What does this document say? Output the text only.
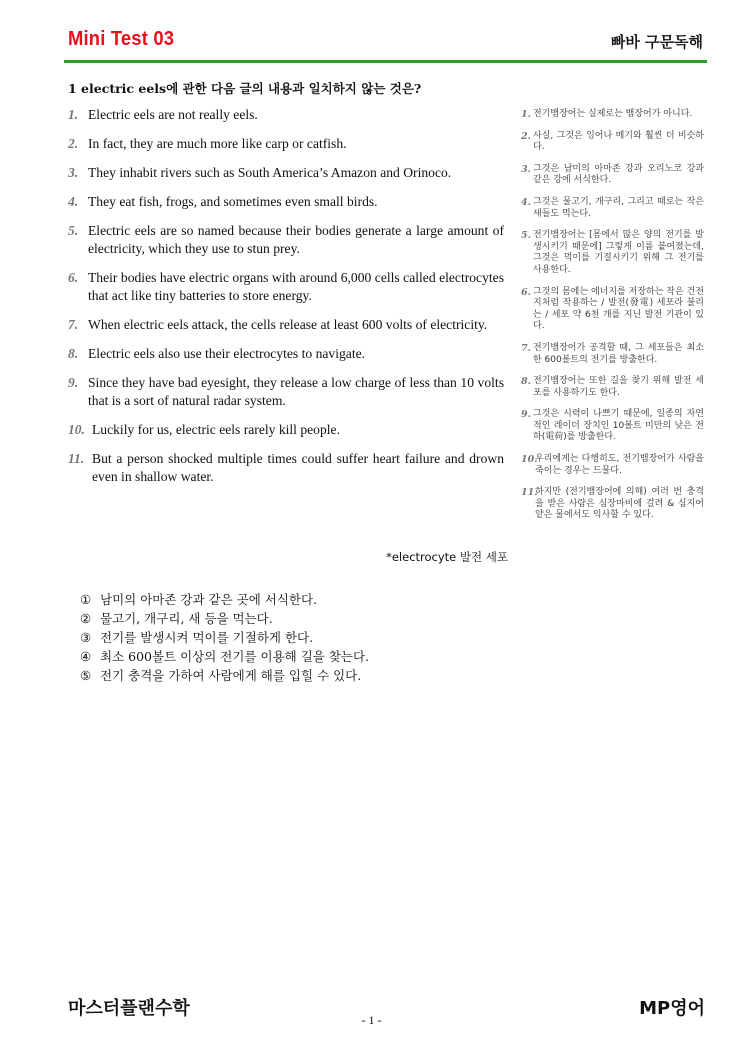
Mini Test 03	빠바 구문독해
1 electric eels에 관한 다음 글의 내용과 일치하지 않는 것은?
1. Electric eels are not really eels.
2. In fact, they are much more like carp or catfish.
3. They inhabit rivers such as South America’s Amazon and Orinoco.
4. They eat fish, frogs, and sometimes even small birds.
5. Electric eels are so named because their bodies generate a large amount of electricity, which they use to stun prey.
6. Their bodies have electric organs with around 6,000 cells called electrocytes that act like tiny batteries to store energy.
7. When electric eels attack, the cells release at least 600 volts of electricity.
8. Electric eels also use their electrocytes to navigate.
9. Since they have bad eyesight, they release a low charge of less than 10 volts that is a sort of natural radar system.
10. Luckily for us, electric eels rarely kill people.
11. But a person shocked multiple times could suffer heart failure and drown even in shallow water.
*electrocyte 발전 세포
① 남미의 아마존 강과 같은 곳에 서식한다.
② 물고기, 개구리, 새 등을 먹는다.
③ 전기를 발생시켜 먹이를 기절하게 한다.
④ 최소 600볼트 이상의 전기를 이용해 길을 찾는다.
⑤ 전기 충격을 가하여 사람에게 해를 입힐 수 있다.
1. 전기뱀장어는 실제로는 뱀장어가 아니다.
2. 사실, 그것은 잉어나 메기와 훨씬 더 비슷하다.
3. 그것은 남미의 아마존 강과 오리노코 강과 같은 강에 서식한다.
4. 그것은 물고기, 개구리, 그리고 때로는 작은 새들도 먹는다.
5. 전기뱀장어는 [몸에서 많은 양의 전기를 발생시키기 때문에] 그렇게 이름 붙여졌는데, 그것은 먹이를 기절시키기 위해 그 전기를 사용한다.
6. 그것의 몸에는 에너지를 저장하는 작은 건전지처럼 작용하는 / 발전(發電) 세포라 불리는 / 세포 약 6천 개를 지닌 발전 기관이 있다.
7. 전기뱀장어가 공격할 때, 그 세포들은 최소한 600볼트의 전기를 방출한다.
8. 전기뱀장어는 또한 길을 찾기 위해 발전 세포를 사용하기도 한다.
9. 그것은 시력이 나쁘기 때문에, 일종의 자연적인 레이더 장치인 10볼트 미만의 낮은 전하(電荷)를 방출한다.
10.
우리에게는 다행히도, 전기뱀장어가 사람을 죽이는 경우는 드물다.
11.
하지만 (전기뱀장어에 의해) 여러 번 충격을 받은 사람은 심장마비에 걸려 & 심지어 얕은 물에서도 익사할 수 있다.
마스터플랜수학
- 1 -
MP영어
